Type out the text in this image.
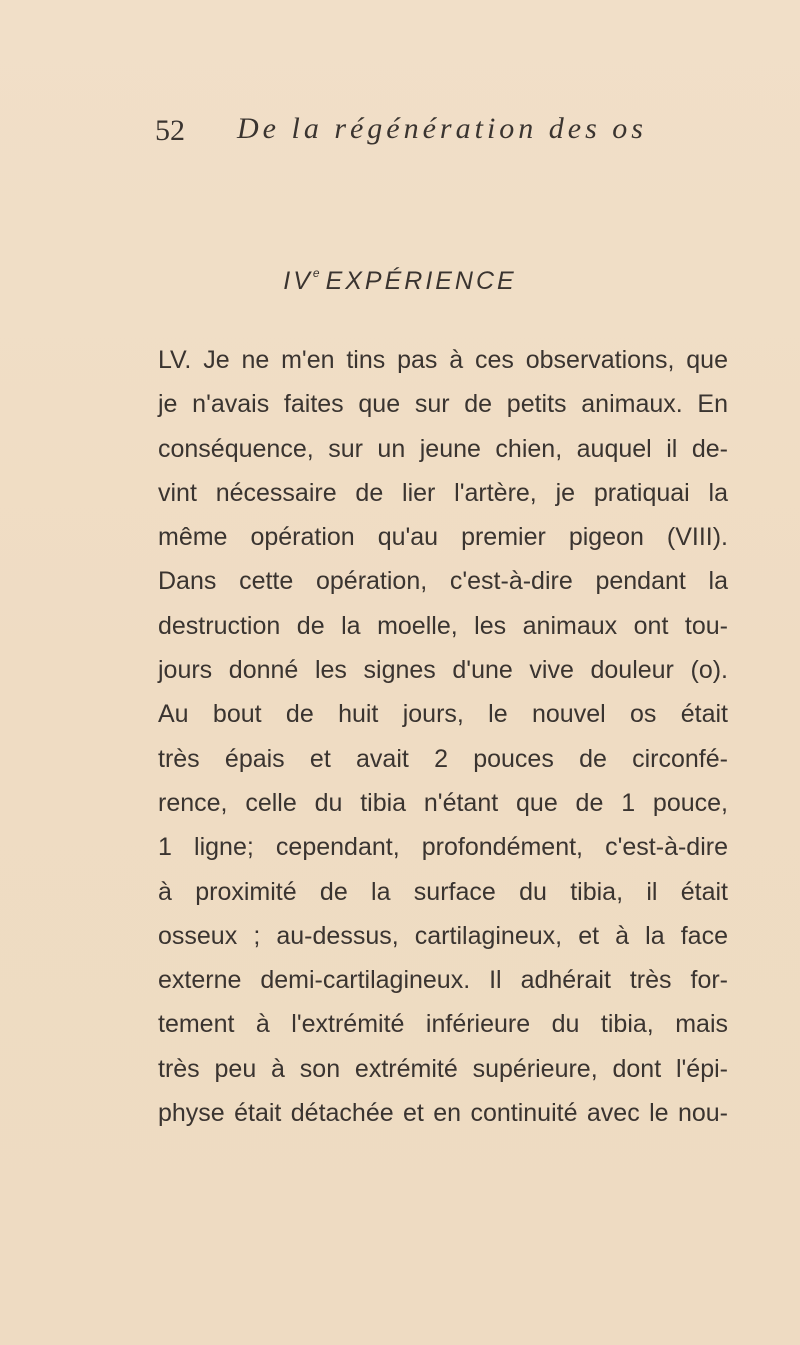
52 De la régénération des os
IVe EXPÉRIENCE
LV. Je ne m'en tins pas à ces observations, que
je n'avais faites que sur de petits animaux. En
conséquence, sur un jeune chien, auquel il de-
vint nécessaire de lier l'artère, je pratiquai la
même opération qu'au premier pigeon (VIII).
Dans cette opération, c'est-à-dire pendant la
destruction de la moelle, les animaux ont tou-
jours donné les signes d'une vive douleur (o).
Au bout de huit jours, le nouvel os était
très épais et avait 2 pouces de circonfé-
rence, celle du tibia n'étant que de 1 pouce,
1 ligne; cependant, profondément, c'est-à-dire
à proximité de la surface du tibia, il était
osseux ; au-dessus, cartilagineux, et à la face
externe demi-cartilagineux. Il adhérait très for-
tement à l'extrémité inférieure du tibia, mais
très peu à son extrémité supérieure, dont l'épi-
physe était détachée et en continuité avec le nou-
